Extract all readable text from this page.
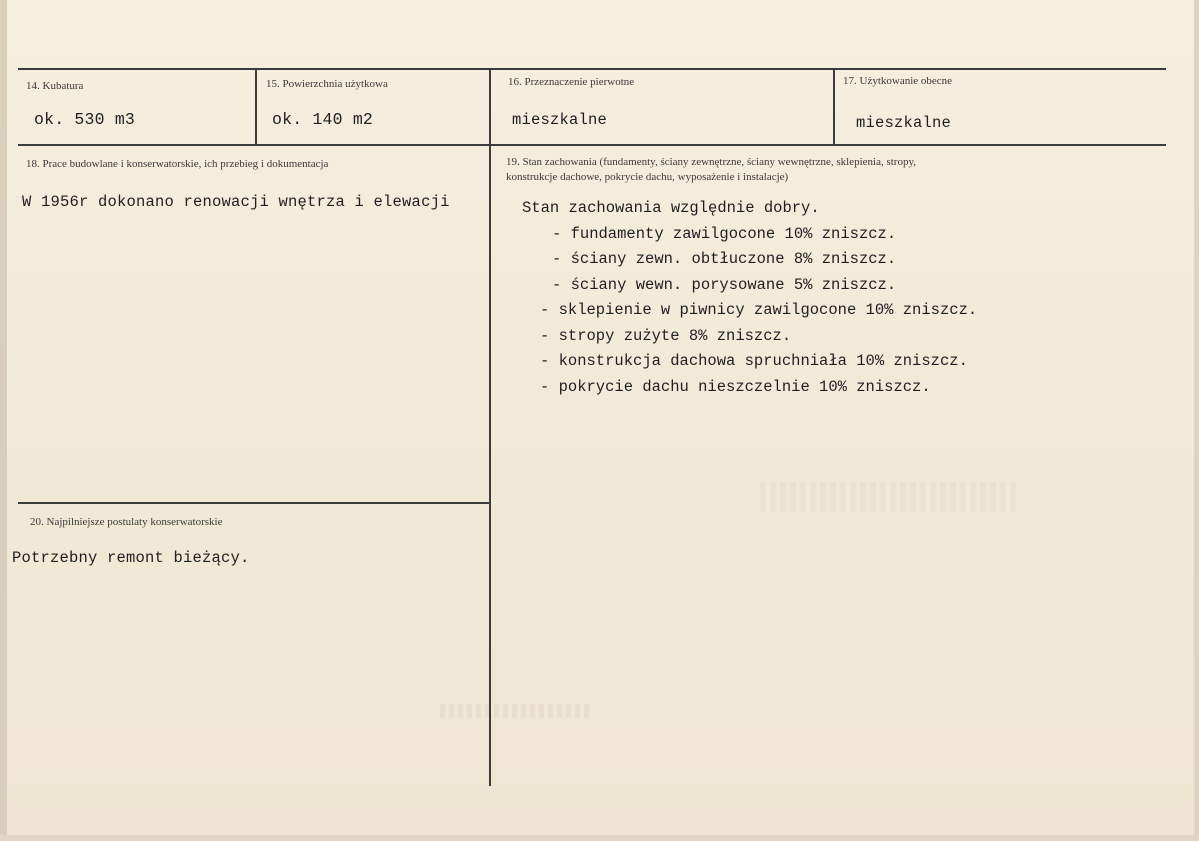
14. Kubatura
ok. 530 m3
15. Powierzchnia użytkowa
ok. 140 m2
16. Przeznaczenie pierwotne
mieszkalne
17. Użytkowanie obecne
mieszkalne
18. Prace budowlane i konserwatorskie, ich przebieg i dokumentacja
W 1956r dokonano renowacji wnętrza i elewacji
19. Stan zachowania (fundamenty, ściany zewnętrzne, ściany wewnętrzne, sklepienia, stropy,
konstrukcje dachowe, pokrycie dachu, wyposażenie i instalacje)
Stan zachowania względnie dobry.
- fundamenty zawilgocone 10% zniszcz.
- ściany zewn. obtłuczone 8% zniszcz.
- ściany wewn. porysowane 5% zniszcz.
- sklepienie w piwnicy zawilgocone 10% zniszcz.
- stropy zużyte 8% zniszcz.
- konstrukcja dachowa spruchniała 10% zniszcz.
- pokrycie dachu nieszczelnie 10% zniszcz.
20. Najpilniejsze postulaty konserwatorskie
Potrzebny remont bieżący.
